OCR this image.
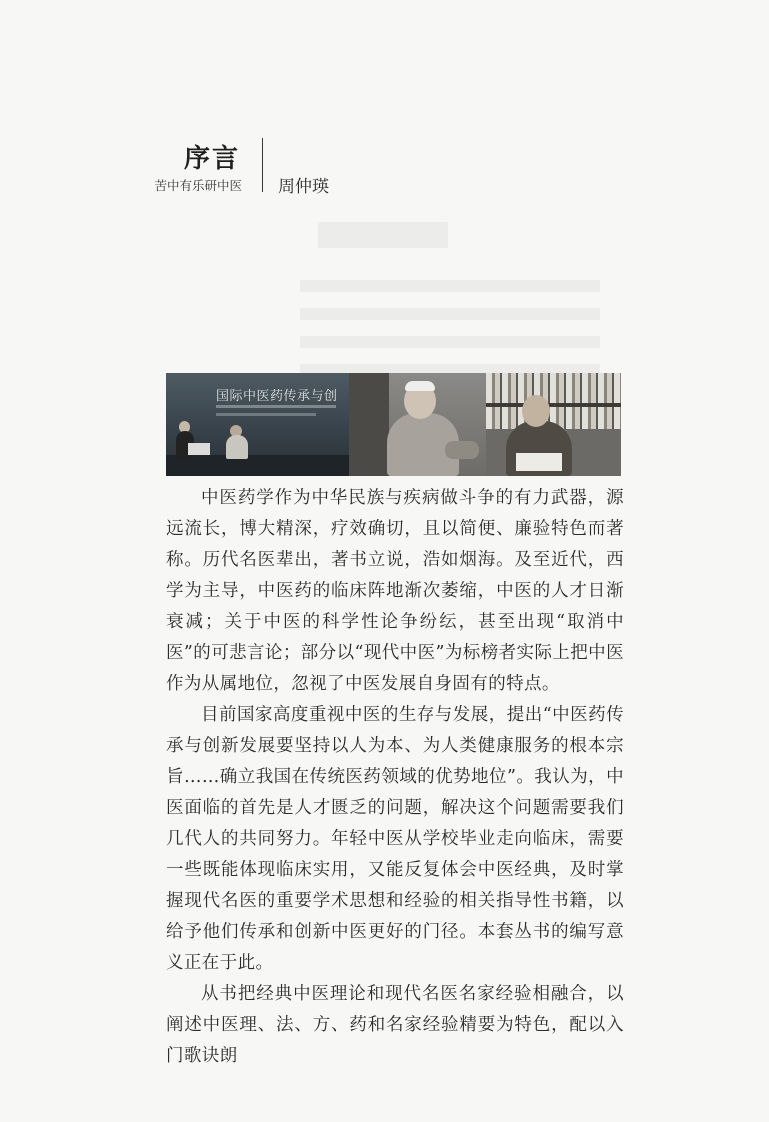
序言
苦中有乐研中医 周仲瑛
国际中医药传承与创

中医药学作为中华民族与疾病做斗争的有力武器，源远流长，博大精深，疗效确切，且以简便、廉验特色而著称。历代名医辈出，著书立说，浩如烟海。及至近代，西学为主导，中医药的临床阵地渐次萎缩，中医的人才日渐衰减；关于中医的科学性论争纷纭，甚至出现“取消中医”的可悲言论；部分以“现代中医”为标榜者实际上把中医作为从属地位，忽视了中医发展自身固有的特点。

目前国家高度重视中医的生存与发展，提出“中医药传承与创新发展要坚持以人为本、为人类健康服务的根本宗旨……确立我国在传统医药领域的优势地位”。我认为，中医面临的首先是人才匮乏的问题，解决这个问题需要我们几代人的共同努力。年轻中医从学校毕业走向临床，需要一些既能体现临床实用，又能反复体会中医经典，及时掌握现代名医的重要学术思想和经验的相关指导性书籍，以给予他们传承和创新中医更好的门径。本套丛书的编写意义正在于此。

从书把经典中医理论和现代名医名家经验相融合，以阐述中医理、法、方、药和名家经验精要为特色，配以入门歌诀朗
